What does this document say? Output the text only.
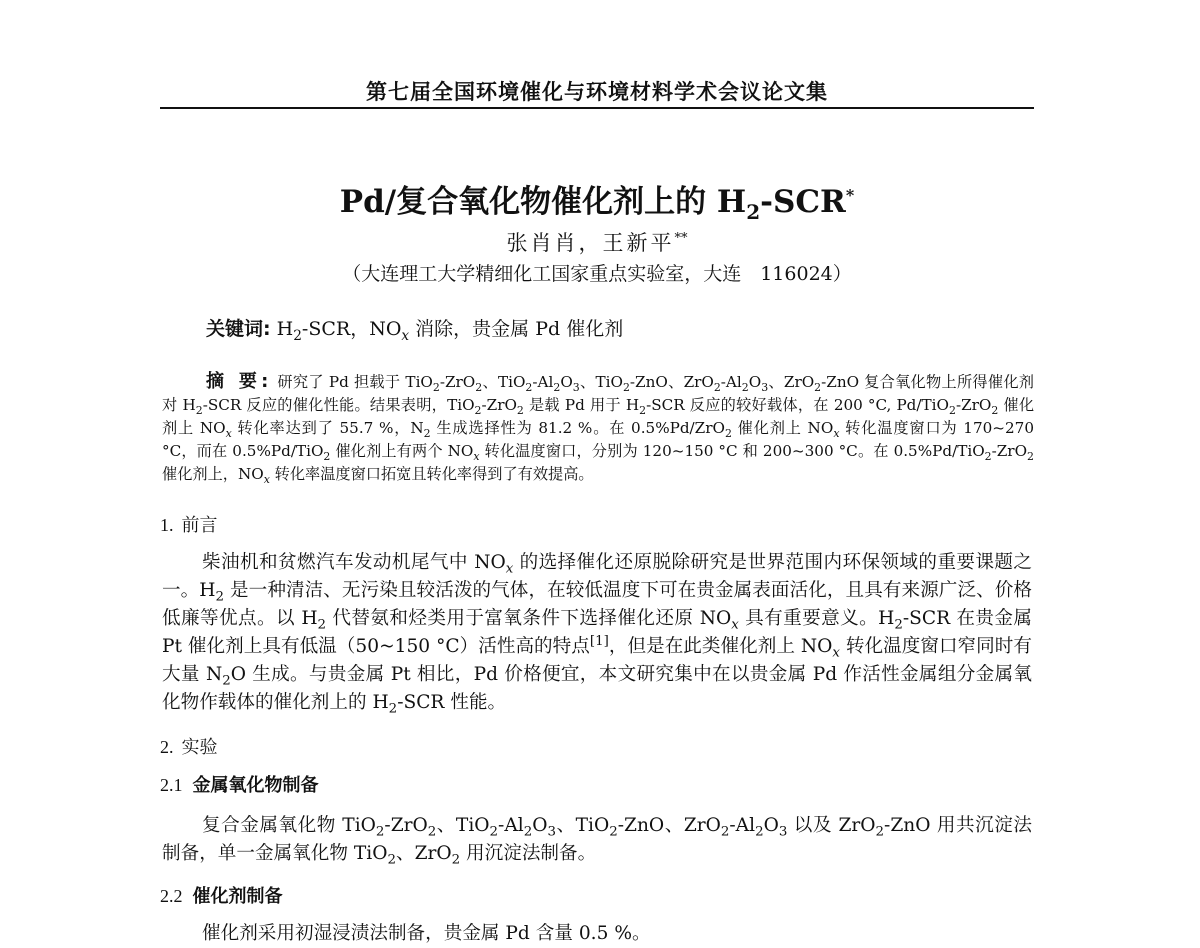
第七届全国环境催化与环境材料学术会议论文集
Pd/复合氧化物催化剂上的 $H_2-SCR^*$
张肖肖，王新平**
（大连理工大学精细化工国家重点实验室，大连　116024）
关键词: $H_2$-SCR，$NO_x$ 消除，贵金属 Pd 催化剂
摘 要: 研究了 Pd 担载于 TiO$_2$-ZrO$_2$、$TiO_2-Al_2O_3$、TiO$_2$-ZnO、$ZrO_2-Al_2O_3$、ZrO$_2$-ZnO 复合氧化物上所得催化剂对 $H_2$-SCR 反应的催化性能。结果表明，TiO$_2$-ZrO$_2$ 是载 Pd 用于 $H_2$-SCR 反应的较好载体，在 200 °C, Pd/TiO$_2$-ZrO$_2$ 催化剂上 $NO_x$ 转化率达到了 55.7 %，$N_2$ 生成选择性为 81.2 %。在 0.5%Pd/ZrO$_2$ 催化剂上 $NO_x$ 转化温度窗口为 170~270 °C，而在 0.5%Pd/TiO$_2$ 催化剂上有两个 $NO_x$ 转化温度窗口，分别为 120~150 °C 和 200~300 °C。在 0.5%Pd/TiO$_2$-ZrO$_2$ 催化剂上，$NO_x$ 转化率温度窗口拓宽且转化率得到了有效提高。
1. 前言
柴油机和贫燃汽车发动机尾气中 $NO_x$ 的选择催化还原脱除研究是世界范围内环保领域的重要课题之一。$H_2$ 是一种清洁、无污染且较活泼的气体，在较低温度下可在贵金属表面活化，且具有来源广泛、价格低廉等优点。以 $H_2$ 代替氨和烃类用于富氧条件下选择催化还原 $NO_x$ 具有重要意义。$H_2$-SCR 在贵金属 Pt 催化剂上具有低温（50~150 °C）活性高的特点[1]，但是在此类催化剂上 $NO_x$ 转化温度窗口窄同时有大量 $N_2O$ 生成。与贵金属 Pt 相比，Pd 价格便宜，本文研究集中在以贵金属 Pd 作活性金属组分金属氧化物作载体的催化剂上的 $H_2$-SCR 性能。
2. 实验
2.1 金属氧化物制备
复合金属氧化物 TiO$_2$-ZrO$_2$、$TiO_2-Al_2O_3$、TiO$_2$-ZnO、$ZrO_2-Al_2O_3$ 以及 ZrO$_2$-ZnO 用共沉淀法制备，单一金属氧化物 TiO$_2$、ZrO$_2$ 用沉淀法制备。
2.2 催化剂制备
催化剂采用初湿浸渍法制备，贵金属 Pd 含量 0.5 %。
